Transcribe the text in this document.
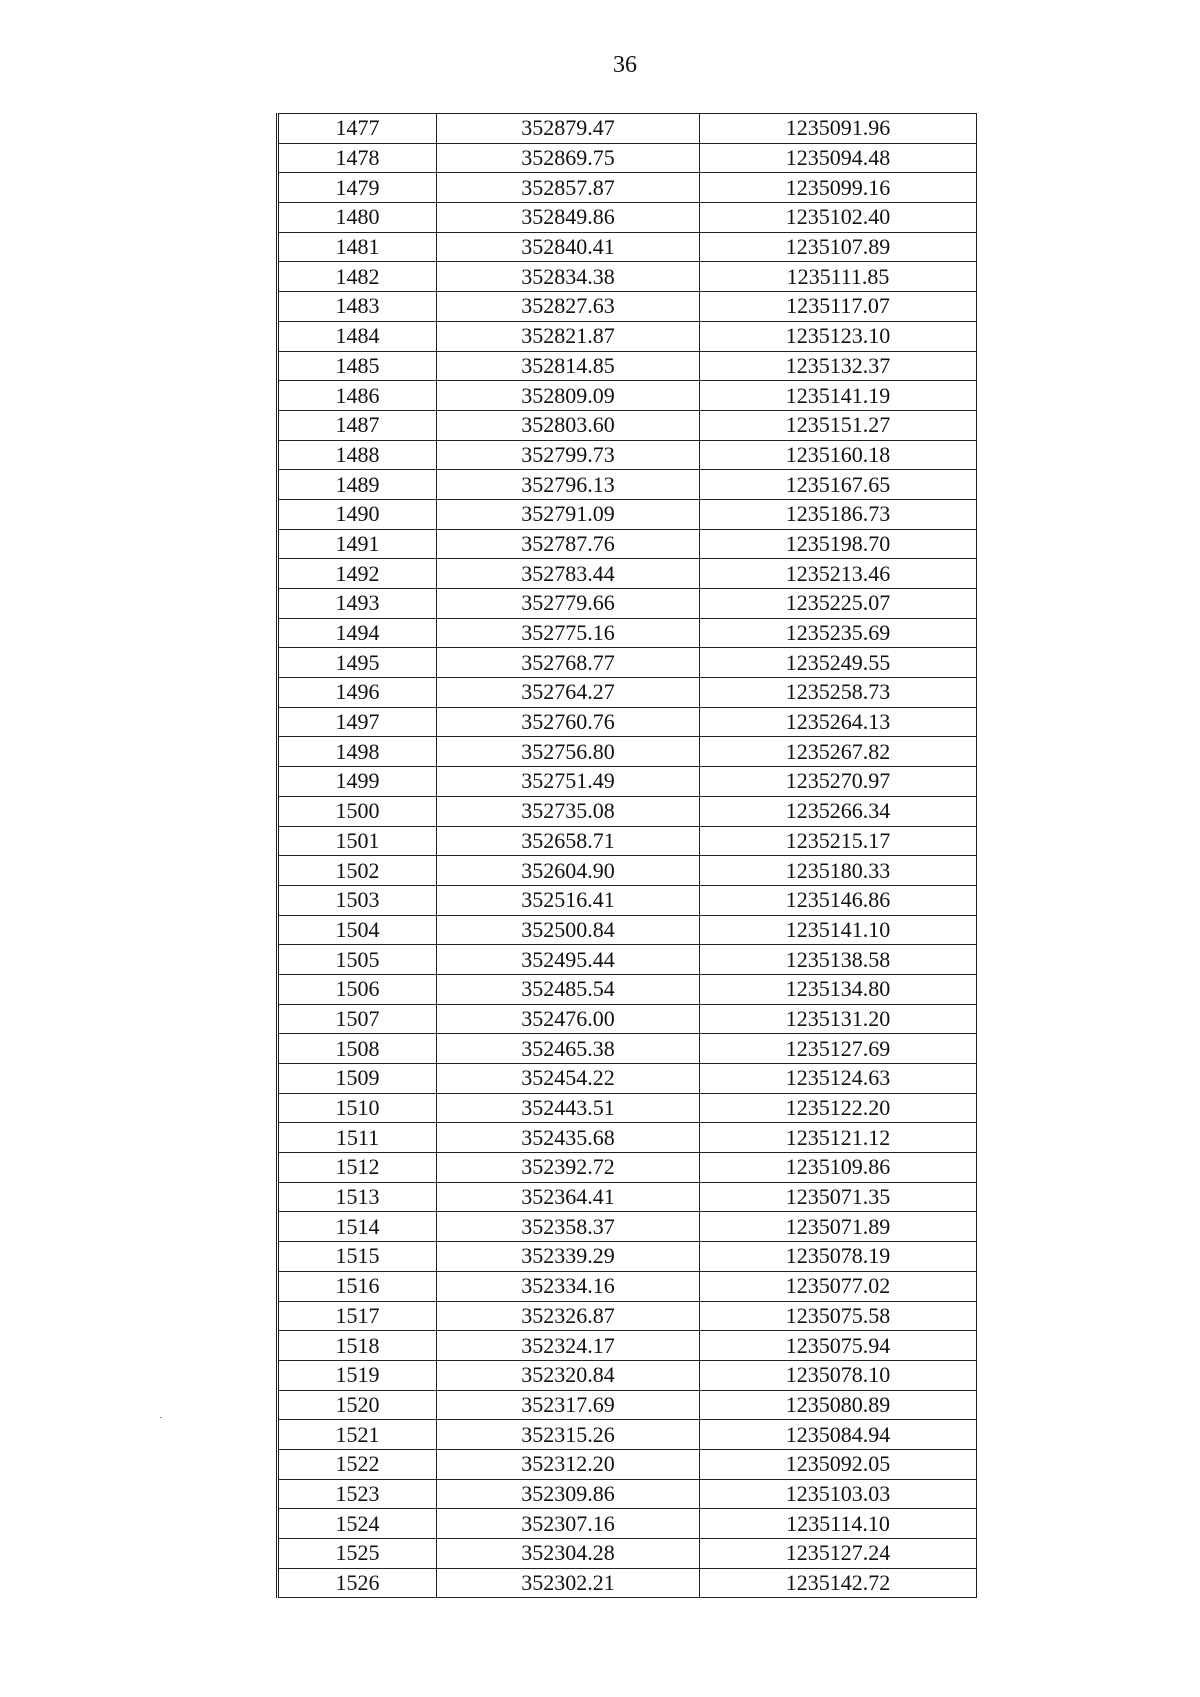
36
1477	352879.47	1235091.96
1478	352869.75	1235094.48
1479	352857.87	1235099.16
1480	352849.86	1235102.40
1481	352840.41	1235107.89
1482	352834.38	1235111.85
1483	352827.63	1235117.07
1484	352821.87	1235123.10
1485	352814.85	1235132.37
1486	352809.09	1235141.19
1487	352803.60	1235151.27
1488	352799.73	1235160.18
1489	352796.13	1235167.65
1490	352791.09	1235186.73
1491	352787.76	1235198.70
1492	352783.44	1235213.46
1493	352779.66	1235225.07
1494	352775.16	1235235.69
1495	352768.77	1235249.55
1496	352764.27	1235258.73
1497	352760.76	1235264.13
1498	352756.80	1235267.82
1499	352751.49	1235270.97
1500	352735.08	1235266.34
1501	352658.71	1235215.17
1502	352604.90	1235180.33
1503	352516.41	1235146.86
1504	352500.84	1235141.10
1505	352495.44	1235138.58
1506	352485.54	1235134.80
1507	352476.00	1235131.20
1508	352465.38	1235127.69
1509	352454.22	1235124.63
1510	352443.51	1235122.20
1511	352435.68	1235121.12
1512	352392.72	1235109.86
1513	352364.41	1235071.35
1514	352358.37	1235071.89
1515	352339.29	1235078.19
1516	352334.16	1235077.02
1517	352326.87	1235075.58
1518	352324.17	1235075.94
1519	352320.84	1235078.10
1520	352317.69	1235080.89
1521	352315.26	1235084.94
1522	352312.20	1235092.05
1523	352309.86	1235103.03
1524	352307.16	1235114.10
1525	352304.28	1235127.24
1526	352302.21	1235142.72
